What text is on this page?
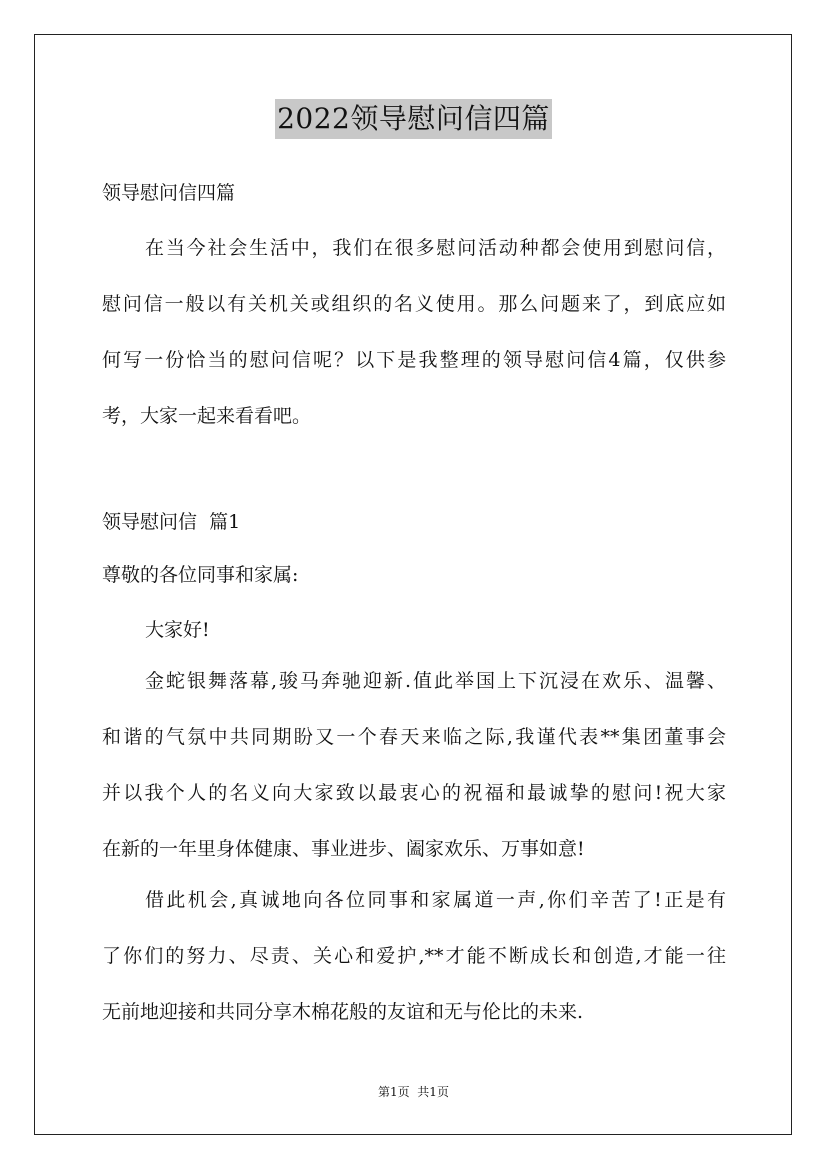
2022领导慰问信四篇
领导慰问信四篇
在当今社会生活中，我们在很多慰问活动种都会使用到慰问信，
慰问信一般以有关机关或组织的名义使用。那么问题来了，到底应如
何写一份恰当的慰问信呢？以下是我整理的领导慰问信4篇，仅供参
考，大家一起来看看吧。
领导慰问信  篇1
尊敬的各位同事和家属:
大家好!
金蛇银舞落幕,骏马奔驰迎新.值此举国上下沉浸在欢乐、温馨、
和谐的气氛中共同期盼又一个春天来临之际,我谨代表**集团董事会
并以我个人的名义向大家致以最衷心的祝福和最诚挚的慰问!祝大家
在新的一年里身体健康、事业进步、阖家欢乐、万事如意!
借此机会,真诚地向各位同事和家属道一声,你们辛苦了!正是有
了你们的努力、尽责、关心和爱护,**才能不断成长和创造,才能一往
无前地迎接和共同分享木棉花般的友谊和无与伦比的未来.
第1页  共1页
